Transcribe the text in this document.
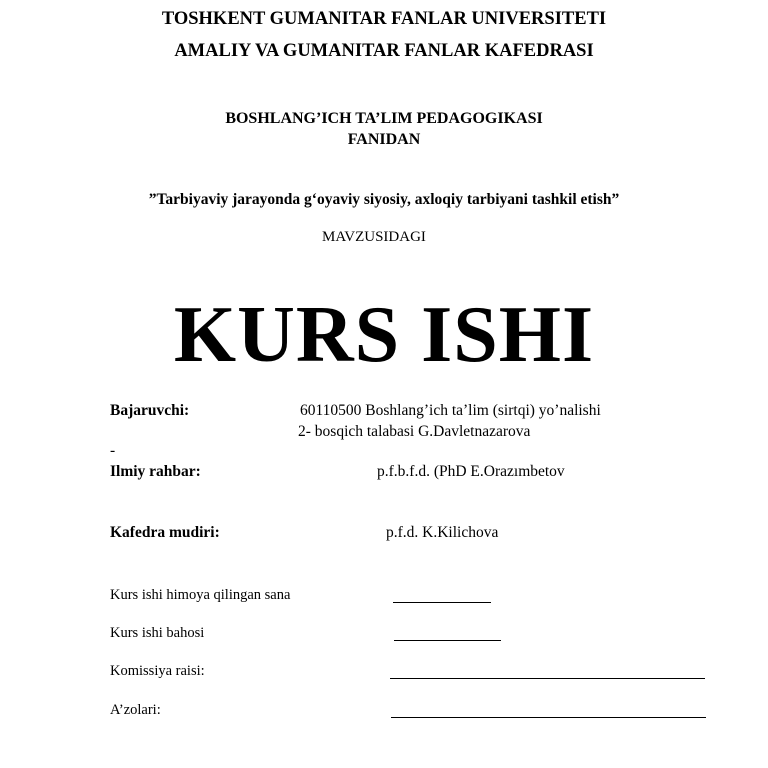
TOSHKENT GUMANITAR FANLAR UNIVERSITETI
AMALIY VA GUMANITAR FANLAR KAFEDRASI
BOSHLANG’ICH TA’LIM PEDAGOGIKASI
FANIDAN
”Tarbiyaviy jarayonda g‘oyaviy siyosiy, axloqiy tarbiyani tashkil etish”
MAVZUSIDAGI
KURS ISHI
Bajaruvchi:	60110500 Boshlang’ich ta’lim (sirtqi) yo’nalishi
2- bosqich talabasi G.Davletnazarova
-
Ilmiy rahbar:	p.f.b.f.d. (PhD E.Orazımbetov
Kafedra mudiri:	p.f.d. K.Kilichova
Kurs ishi himoya qilingan sana
Kurs ishi bahosi
Komissiya raisi:
A’zolari:
